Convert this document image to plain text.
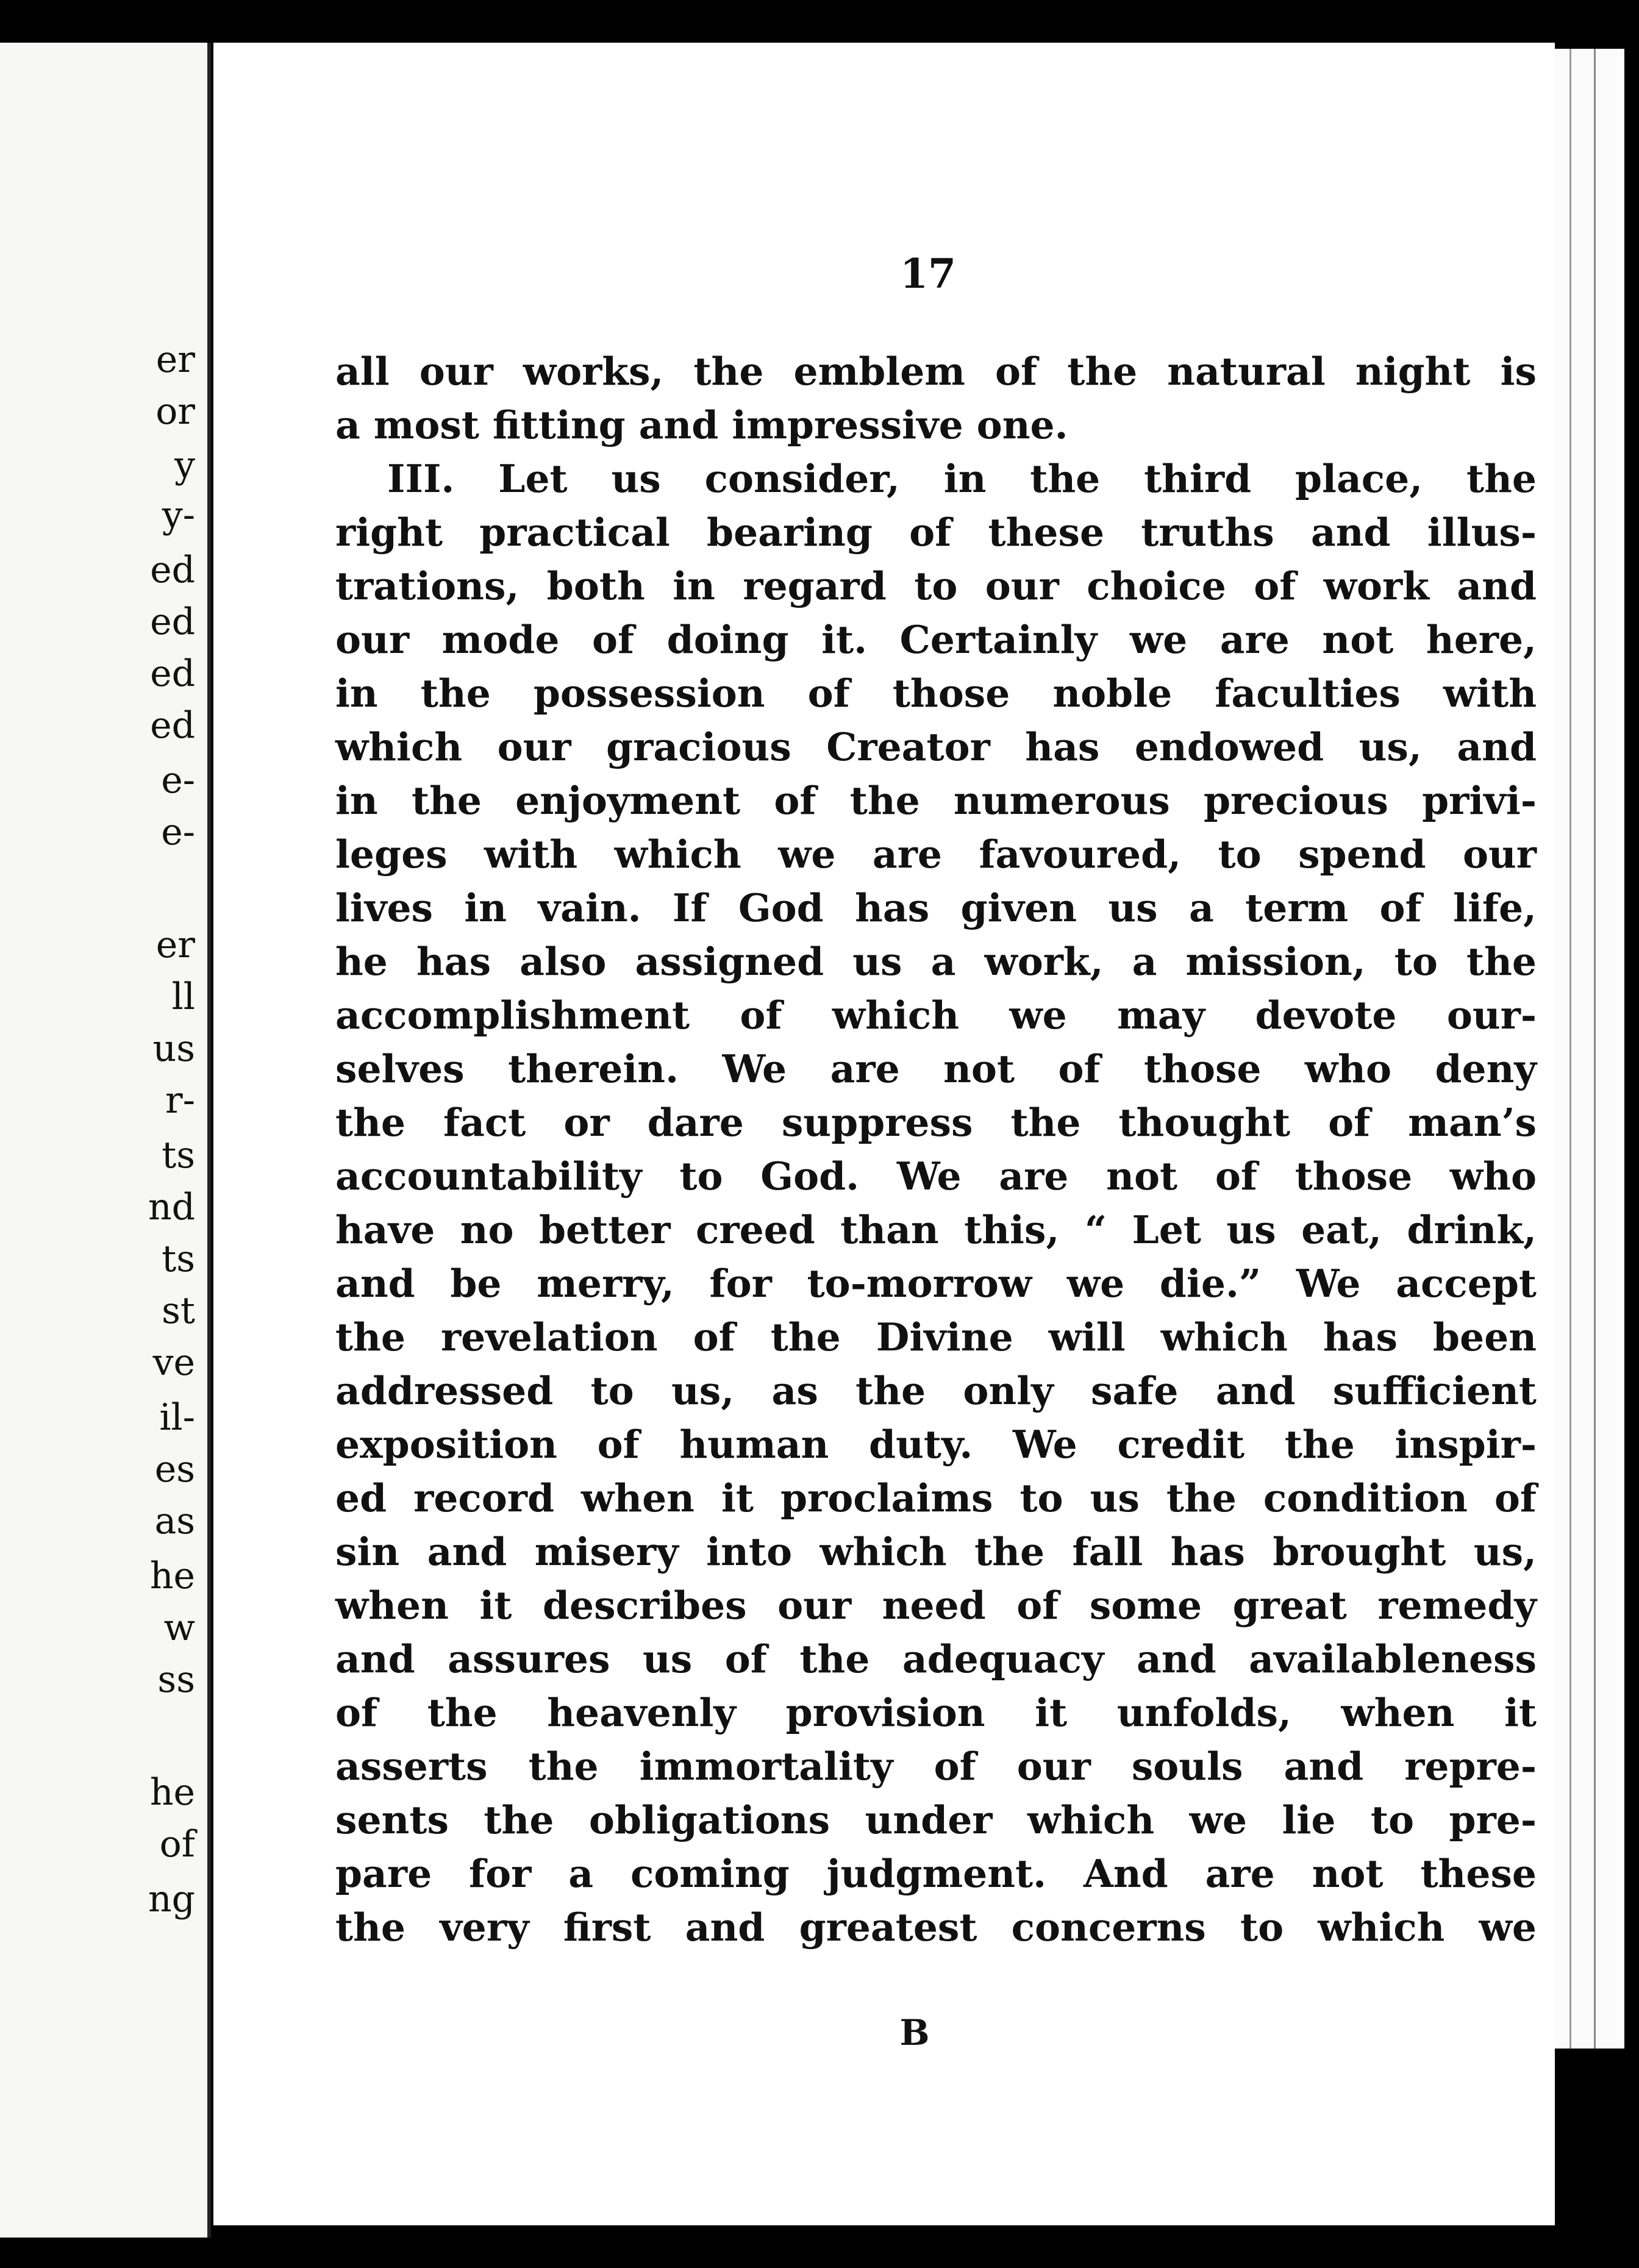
er
or
y
y-
ed
ed
ed
ed
e-
e-
er
ll
us
r-
ts
nd
ts
st
ve
il-
es
as
he
w
ss
he
of
ng
17
all our works, the emblem of the natural night is
a most fitting and impressive one.
III. Let us consider, in the third place, the
right practical bearing of these truths and illus-
trations, both in regard to our choice of work and
our mode of doing it. Certainly we are not here,
in the possession of those noble faculties with
which our gracious Creator has endowed us, and
in the enjoyment of the numerous precious privi-
leges with which we are favoured, to spend our
lives in vain. If God has given us a term of life,
he has also assigned us a work, a mission, to the
accomplishment of which we may devote our-
selves therein. We are not of those who deny
the fact or dare suppress the thought of man’s
accountability to God. We are not of those who
have no better creed than this, “ Let us eat, drink,
and be merry, for to-morrow we die.” We accept
the revelation of the Divine will which has been
addressed to us, as the only safe and sufficient
exposition of human duty. We credit the inspir-
ed record when it proclaims to us the condition of
sin and misery into which the fall has brought us,
when it describes our need of some great remedy
and assures us of the adequacy and availableness
of the heavenly provision it unfolds, when it
asserts the immortality of our souls and repre-
sents the obligations under which we lie to pre-
pare for a coming judgment. And are not these
the very first and greatest concerns to which we
B
